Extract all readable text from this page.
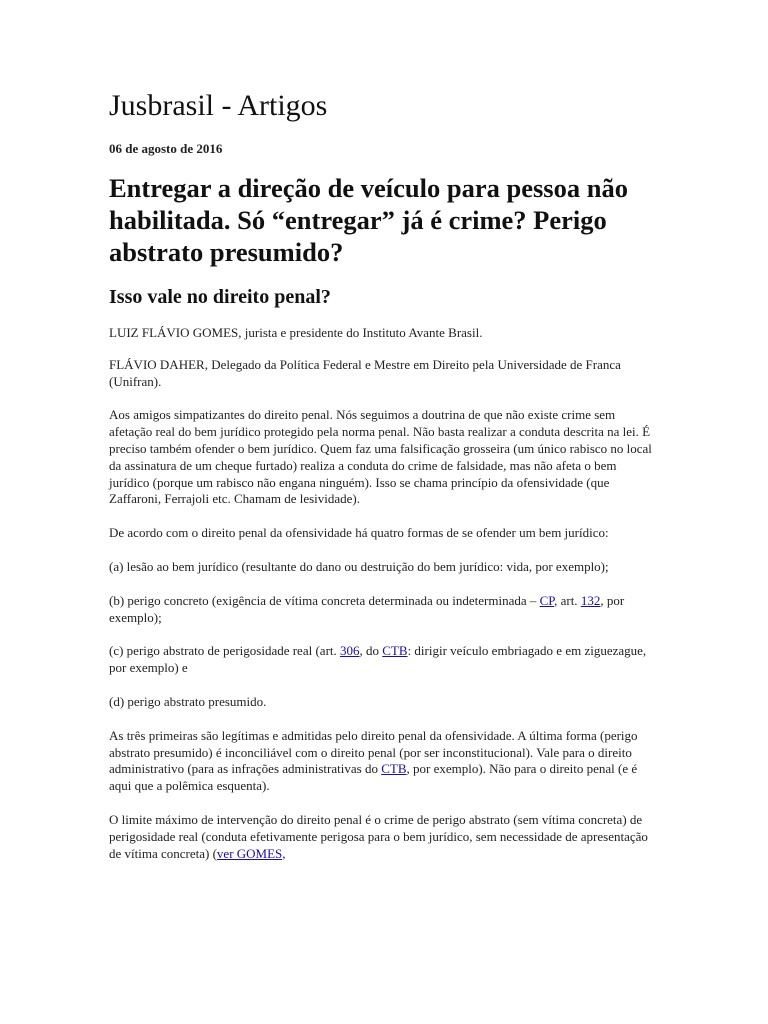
Jusbrasil - Artigos
06 de agosto de 2016
Entregar a direção de veículo para pessoa não habilitada. Só “entregar” já é crime? Perigo abstrato presumido?
Isso vale no direito penal?

LUIZ FLÁVIO GOMES, jurista e presidente do Instituto Avante Brasil.

FLÁVIO DAHER, Delegado da Política Federal e Mestre em Direito pela Universidade de Franca (Unifran).

Aos amigos simpatizantes do direito penal. Nós seguimos a doutrina de que não existe crime sem afetação real do bem jurídico protegido pela norma penal. Não basta realizar a conduta descrita na lei. É preciso também ofender o bem jurídico. Quem faz uma falsificação grosseira (um único rabisco no local da assinatura de um cheque furtado) realiza a conduta do crime de falsidade, mas não afeta o bem jurídico (porque um rabisco não engana ninguém). Isso se chama princípio da ofensividade (que Zaffaroni, Ferrajoli etc. Chamam de lesividade).

De acordo com o direito penal da ofensividade há quatro formas de se ofender um bem jurídico:

(a) lesão ao bem jurídico (resultante do dano ou destruição do bem jurídico: vida, por exemplo);

(b) perigo concreto (exigência de vítima concreta determinada ou indeterminada – CP, art. 132, por exemplo);

(c) perigo abstrato de perigosidade real (art. 306, do CTB: dirigir veículo embriagado e em ziguezague, por exemplo) e

(d) perigo abstrato presumido.

As três primeiras são legítimas e admitidas pelo direito penal da ofensividade. A última forma (perigo abstrato presumido) é inconciliável com o direito penal (por ser inconstitucional). Vale para o direito administrativo (para as infrações administrativas do CTB, por exemplo). Não para o direito penal (e é aqui que a polêmica esquenta).

O limite máximo de intervenção do direito penal é o crime de perigo abstrato (sem vítima concreta) de perigosidade real (conduta efetivamente perigosa para o bem jurídico, sem necessidade de apresentação de vítima concreta) (ver GOMES,
